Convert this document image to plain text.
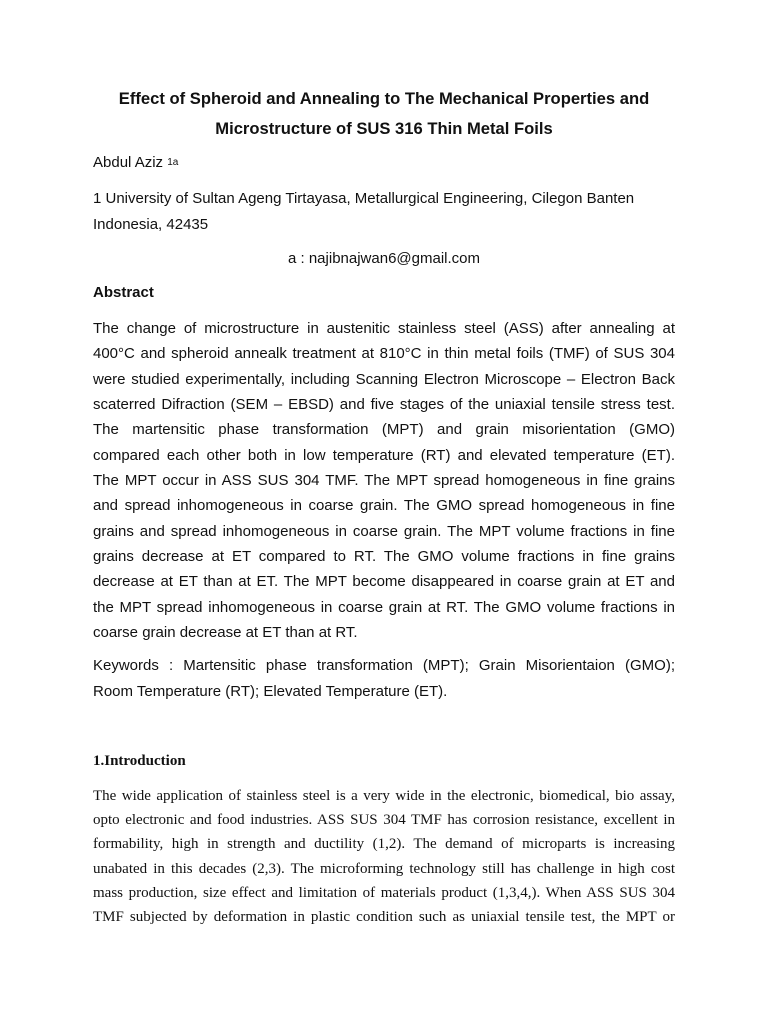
Effect of Spheroid and Annealing to The Mechanical Properties and
Microstructure of SUS 316 Thin Metal Foils
Abdul Aziz $^{1a}$
1 University of Sultan Ageng Tirtayasa, Metallurgical Engineering, Cilegon Banten
Indonesia, 42435
a : najibnajwan6@gmail.com
Abstract
The change of microstructure in austenitic stainless steel (ASS) after annealing at
400°C and spheroid annealk treatment at 810°C in thin metal foils (TMF) of SUS 304
were studied experimentally, including Scanning Electron Microscope – Electron Back
scaterred Difraction (SEM – EBSD) and five stages of the uniaxial tensile stress test.
The martensitic phase transformation (MPT) and grain misorientation (GMO)
compared each other both in low temperature (RT) and elevated temperature (ET).
The MPT occur in ASS SUS 304 TMF. The MPT spread homogeneous in fine grains
and spread inhomogeneous in coarse grain. The GMO spread homogeneous in fine
grains and spread inhomogeneous in coarse grain. The MPT volume fractions in fine
grains decrease at ET compared to RT. The GMO volume fractions in fine grains
decrease at ET than at ET. The MPT become disappeared in coarse grain at ET and
the MPT spread inhomogeneous in coarse grain at RT. The GMO volume fractions in
coarse grain decrease at ET than at RT.
Keywords : Martensitic phase transformation (MPT); Grain Misorientaion (GMO);
Room Temperature (RT); Elevated Temperature (ET).
1.Introduction
The wide application of stainless steel is a very wide in the electronic, biomedical, bio assay,
opto electronic and food industries. ASS SUS 304 TMF has corrosion resistance, excellent in
formability, high in strength and ductility (1,2). The demand of microparts is increasing
unabated in this decades (2,3). The microforming technology still has challenge in high cost
mass production, size effect and limitation of materials product (1,3,4,). When ASS SUS 304
TMF subjected by deformation in plastic condition such as uniaxial tensile test, the MPT or
